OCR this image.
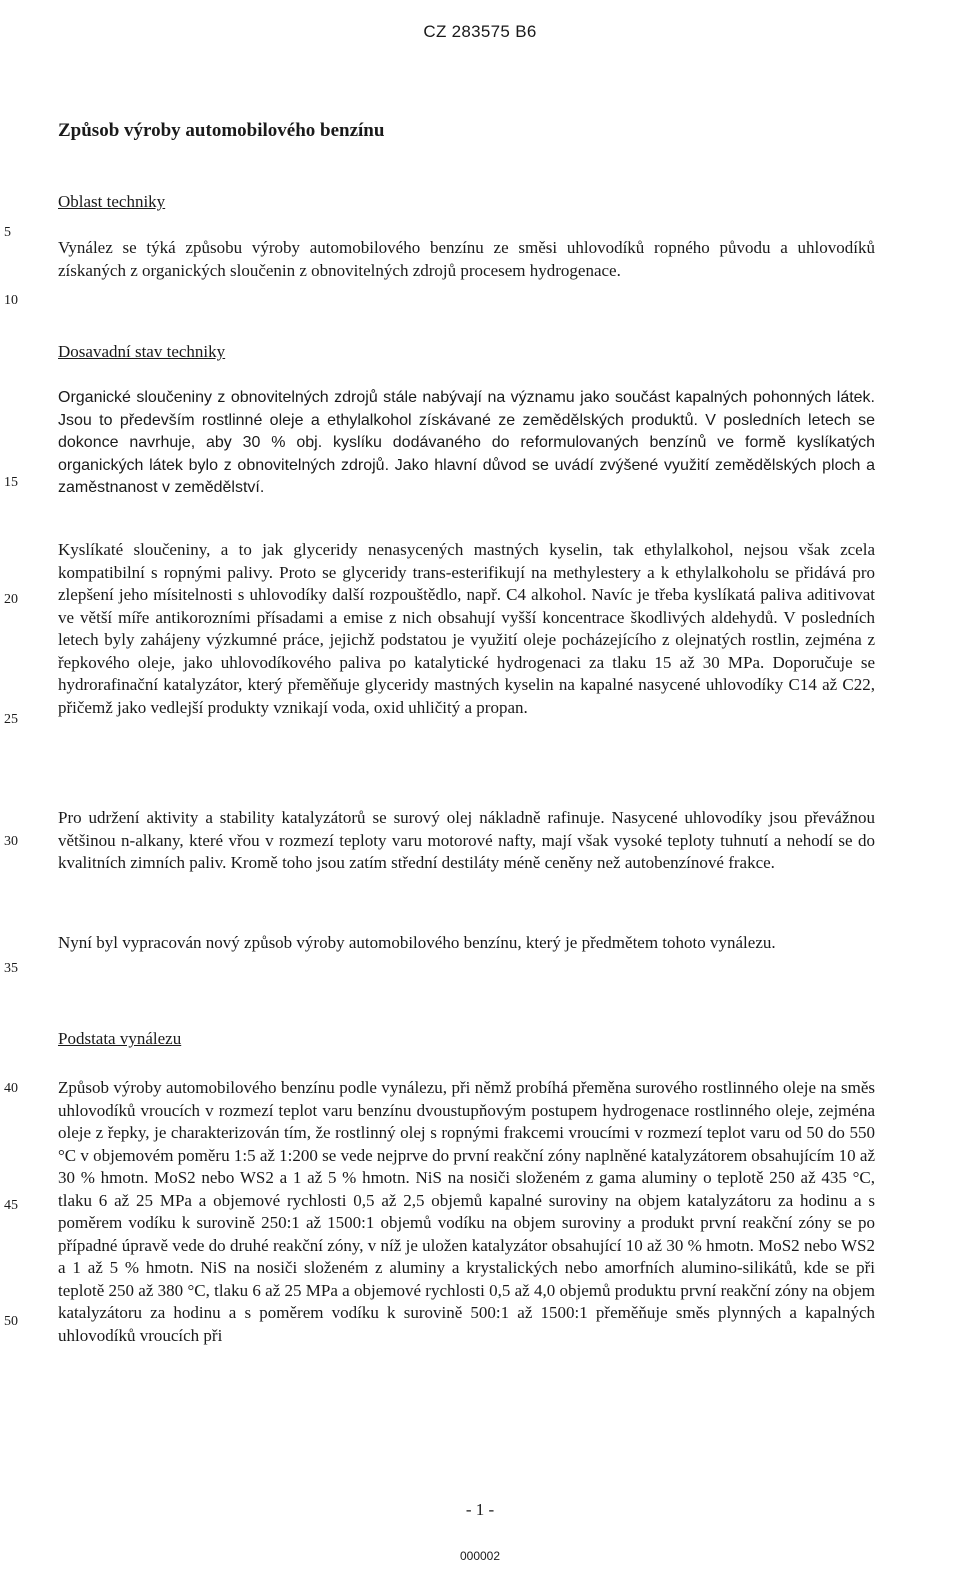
CZ 283575 B6
Způsob výroby automobilového benzínu
Oblast techniky
Vynález se týká způsobu výroby automobilového benzínu ze směsi uhlovodíků ropného původu a uhlovodíků získaných z organických sloučenin z obnovitelných zdrojů procesem hydrogenace.
Dosavadní stav techniky
Organické sloučeniny z obnovitelných zdrojů stále nabývají na významu jako součást kapalných pohonných látek. Jsou to především rostlinné oleje a ethylalkohol získávané ze zemědělských produktů. V posledních letech se dokonce navrhuje, aby 30 % obj. kyslíku dodávaného do reformulovaných benzínů ve formě kyslíkatých organických látek bylo z obnovitelných zdrojů. Jako hlavní důvod se uvádí zvýšené využití zemědělských ploch a zaměstnanost v zemědělství.
Kyslíkaté sloučeniny, a to jak glyceridy nenasycených mastných kyselin, tak ethylalkohol, nejsou však zcela kompatibilní s ropnými palivy. Proto se glyceridy trans-esterifikují na methylestery a k ethylalkoholu se přidává pro zlepšení jeho mísitelnosti s uhlovodíky další rozpouštědlo, např. C4 alkohol. Navíc je třeba kyslíkatá paliva aditivovat ve větší míře antikorozními přísadami a emise z nich obsahují vyšší koncentrace škodlivých aldehydů. V posledních letech byly zahájeny výzkumné práce, jejichž podstatou je využití oleje pocházejícího z olejnatých rostlin, zejména z řepkového oleje, jako uhlovodíkového paliva po katalytické hydrogenaci za tlaku 15 až 30 MPa. Doporučuje se hydrorafinační katalyzátor, který přeměňuje glyceridy mastných kyselin na kapalné nasycené uhlovodíky C14 až C22, přičemž jako vedlejší produkty vznikají voda, oxid uhličitý a propan.
Pro udržení aktivity a stability katalyzátorů se surový olej nákladně rafinuje. Nasycené uhlovodíky jsou převážnou většinou n-alkany, které vřou v rozmezí teploty varu motorové nafty, mají však vysoké teploty tuhnutí a nehodí se do kvalitních zimních paliv. Kromě toho jsou zatím střední destiláty méně ceněny než autobenzínové frakce.
Nyní byl vypracován nový způsob výroby automobilového benzínu, který je předmětem tohoto vynálezu.
Podstata vynálezu
Způsob výroby automobilového benzínu podle vynálezu, při němž probíhá přeměna surového rostlinného oleje na směs uhlovodíků vroucích v rozmezí teplot varu benzínu dvoustupňovým postupem hydrogenace rostlinného oleje, zejména oleje z řepky, je charakterizován tím, že rostlinný olej s ropnými frakcemi vroucími v rozmezí teplot varu od 50 do 550 °C v objemovém poměru 1:5 až 1:200 se vede nejprve do první reakční zóny naplněné katalyzátorem obsahujícím 10 až 30 % hmotn. MoS2 nebo WS2 a 1 až 5 % hmotn. NiS na nosiči složeném z gama aluminy o teplotě 250 až 435 °C, tlaku 6 až 25 MPa a objemové rychlosti 0,5 až 2,5 objemů kapalné suroviny na objem katalyzátoru za hodinu a s poměrem vodíku k surovině 250:1 až 1500:1 objemů vodíku na objem suroviny a produkt první reakční zóny se po případné úpravě vede do druhé reakční zóny, v níž je uložen katalyzátor obsahující 10 až 30 % hmotn. MoS2 nebo WS2 a 1 až 5 % hmotn. NiS na nosiči složeném z aluminy a krystalických nebo amorfních alumino-silikátů, kde se při teplotě 250 až 380 °C, tlaku 6 až 25 MPa a objemové rychlosti 0,5 až 4,0 objemů produktu první reakční zóny na objem katalyzátoru za hodinu a s poměrem vodíku k surovině 500:1 až 1500:1 přeměňuje směs plynných a kapalných uhlovodíků vroucích při
5
10
15
20
25
30
35
40
45
50
- 1 -
000002
